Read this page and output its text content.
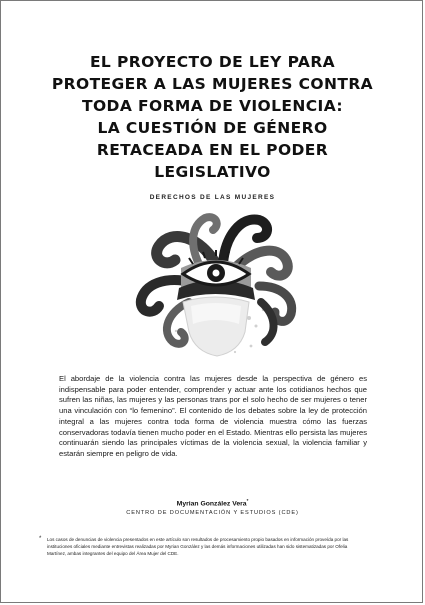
EL PROYECTO DE LEY PARA
PROTEGER A LAS MUJERES CONTRA
TODA FORMA DE VIOLENCIA:
LA CUESTIÓN DE GÉNERO
RETACEADA EN EL PODER
LEGISLATIVO
DERECHOS DE LAS MUJERES

El abordaje de la violencia contra las mujeres desde la perspectiva de género es indispensable para poder entender, comprender y actuar ante los cotidianos hechos que sufren las niñas, las mujeres y las personas trans por el solo hecho de ser mujeres o tener una vinculación con “lo femenino”. El contenido de los debates sobre la ley de protección integral a las mujeres contra toda forma de violencia muestra cómo las fuerzas conservadoras todavía tienen mucho poder en el Estado. Mientras ello persista las mujeres continuarán siendo las principales víctimas de la violencia sexual, la violencia familiar y estarán siempre en peligro de vida.

Myrian González Vera*
CENTRO DE DOCUMENTACIÓN Y ESTUDIOS (CDE)

* Los casos de denuncias de violencia presentados en este artículo son resultados de procesamiento propio basados en información proveída por las instituciones oficiales mediante entrevistas realizadas por Myrian González y las demás informaciones utilizadas han sido sistematizadas por Ofelia Martínez, ambas integrantes del equipo del Área Mujer del CDE.
